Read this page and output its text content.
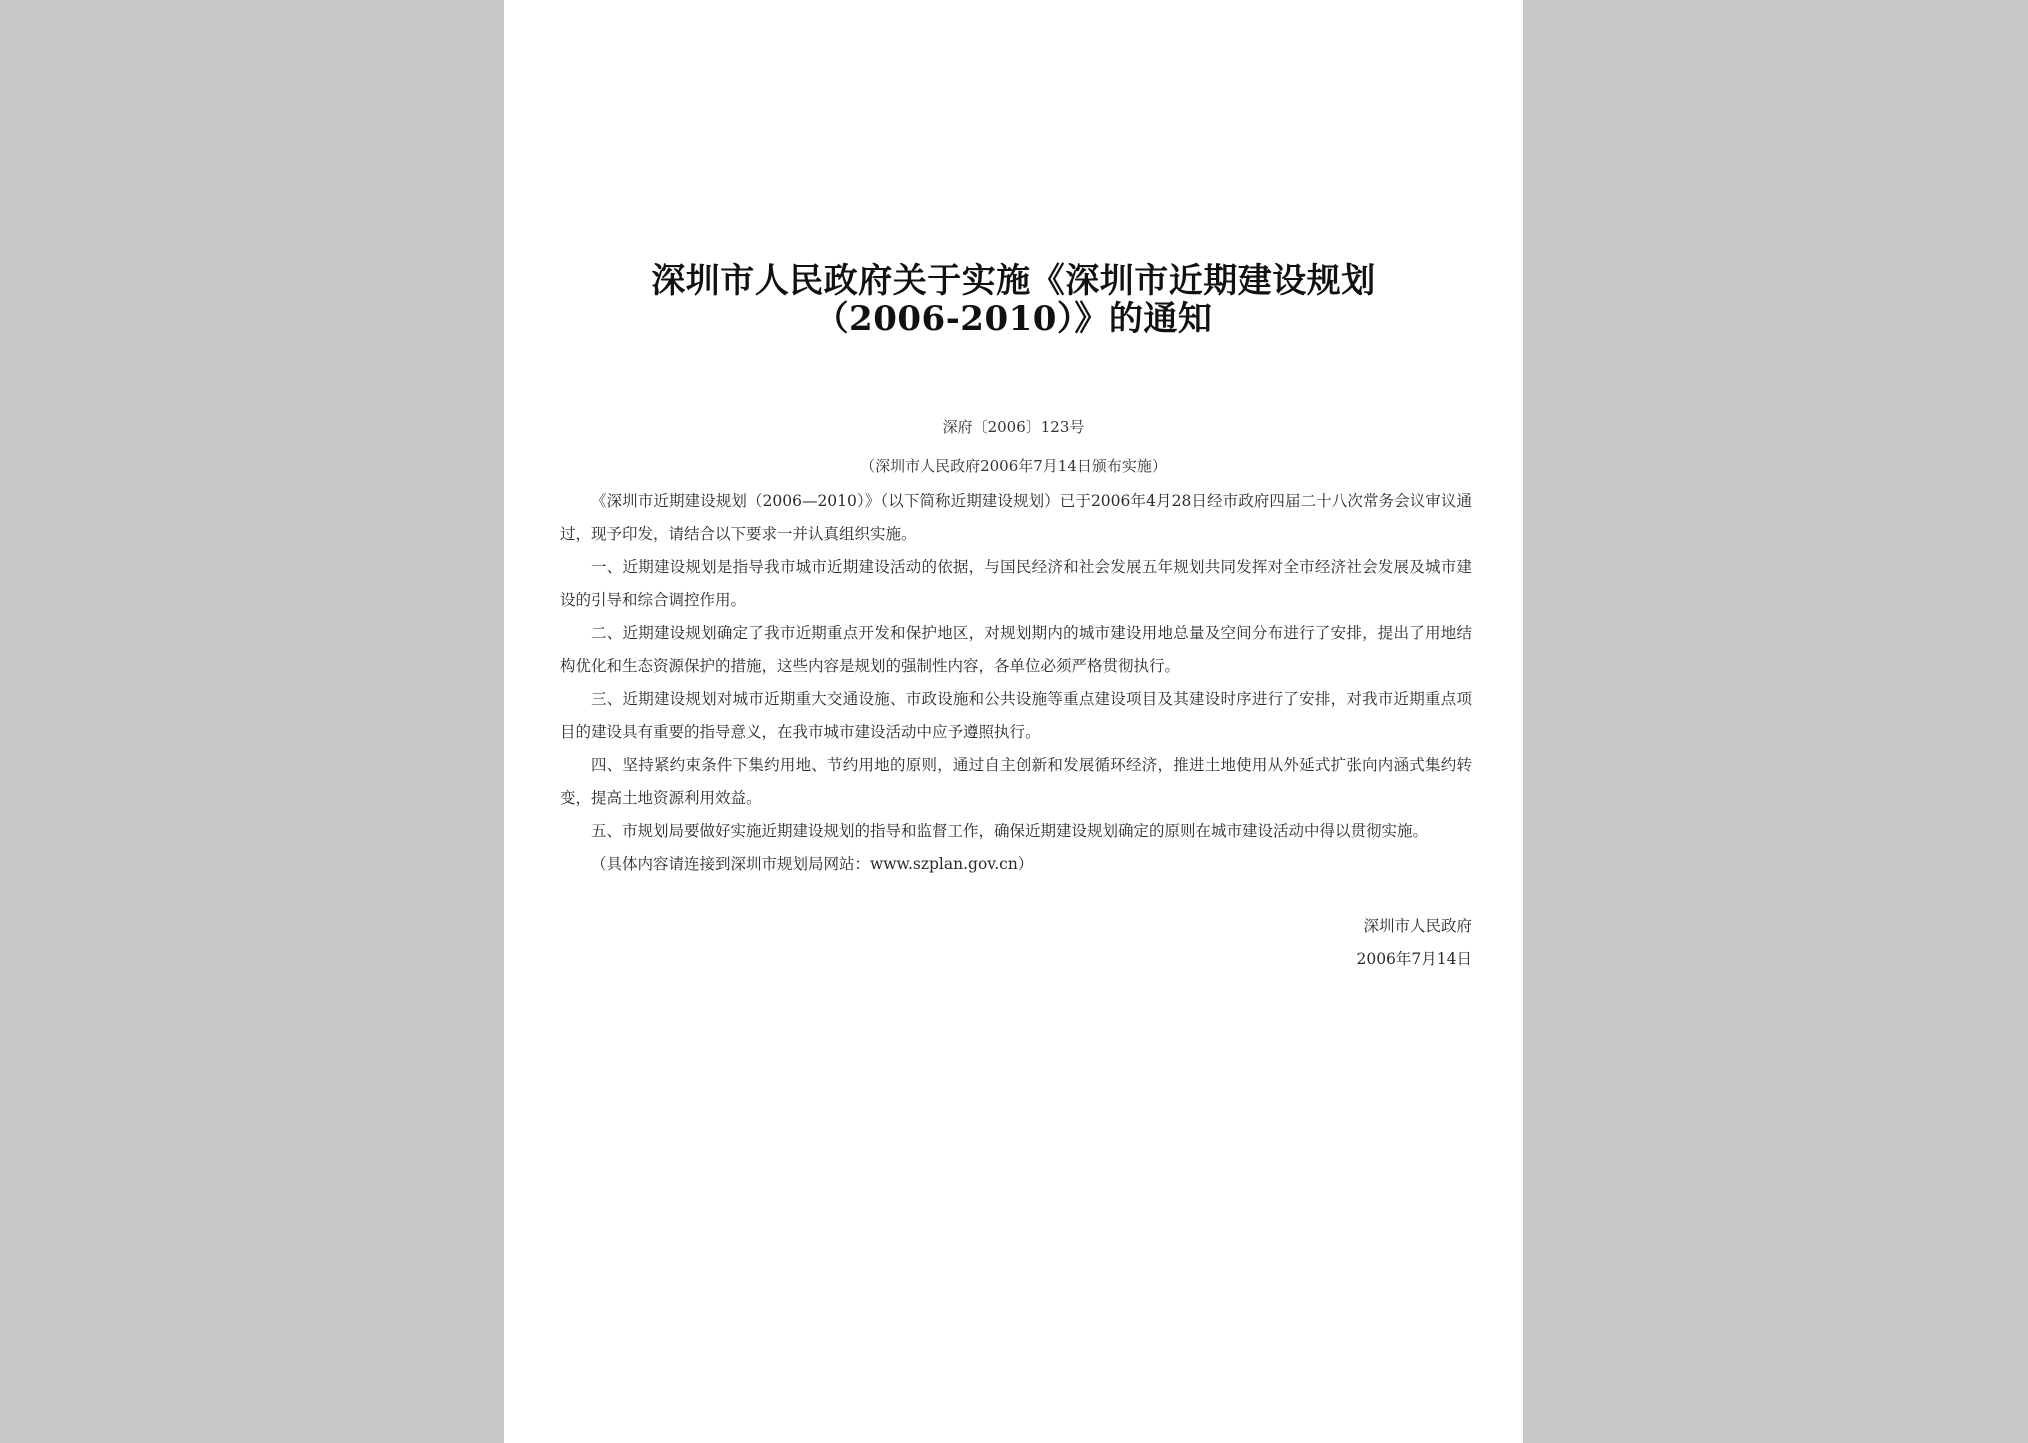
深圳市人民政府关于实施《深圳市近期建设规划
（2006-2010）》的通知
深府〔2006〕123号
（深圳市人民政府2006年7月14日颁布实施）

《深圳市近期建设规划（2006—2010）》（以下简称近期建设规划）已于2006年4月28日经市政府四届二十八次常务会议审议通过，现予印发，请结合以下要求一并认真组织实施。

一、近期建设规划是指导我市城市近期建设活动的依据，与国民经济和社会发展五年规划共同发挥对全市经济社会发展及城市建设的引导和综合调控作用。

二、近期建设规划确定了我市近期重点开发和保护地区，对规划期内的城市建设用地总量及空间分布进行了安排，提出了用地结构优化和生态资源保护的措施，这些内容是规划的强制性内容，各单位必须严格贯彻执行。

三、近期建设规划对城市近期重大交通设施、市政设施和公共设施等重点建设项目及其建设时序进行了安排，对我市近期重点项目的建设具有重要的指导意义，在我市城市建设活动中应予遵照执行。

四、坚持紧约束条件下集约用地、节约用地的原则，通过自主创新和发展循环经济，推进土地使用从外延式扩张向内涵式集约转变，提高土地资源利用效益。

五、市规划局要做好实施近期建设规划的指导和监督工作，确保近期建设规划确定的原则在城市建设活动中得以贯彻实施。

（具体内容请连接到深圳市规划局网站：www.szplan.gov.cn）

深圳市人民政府
2006年7月14日
